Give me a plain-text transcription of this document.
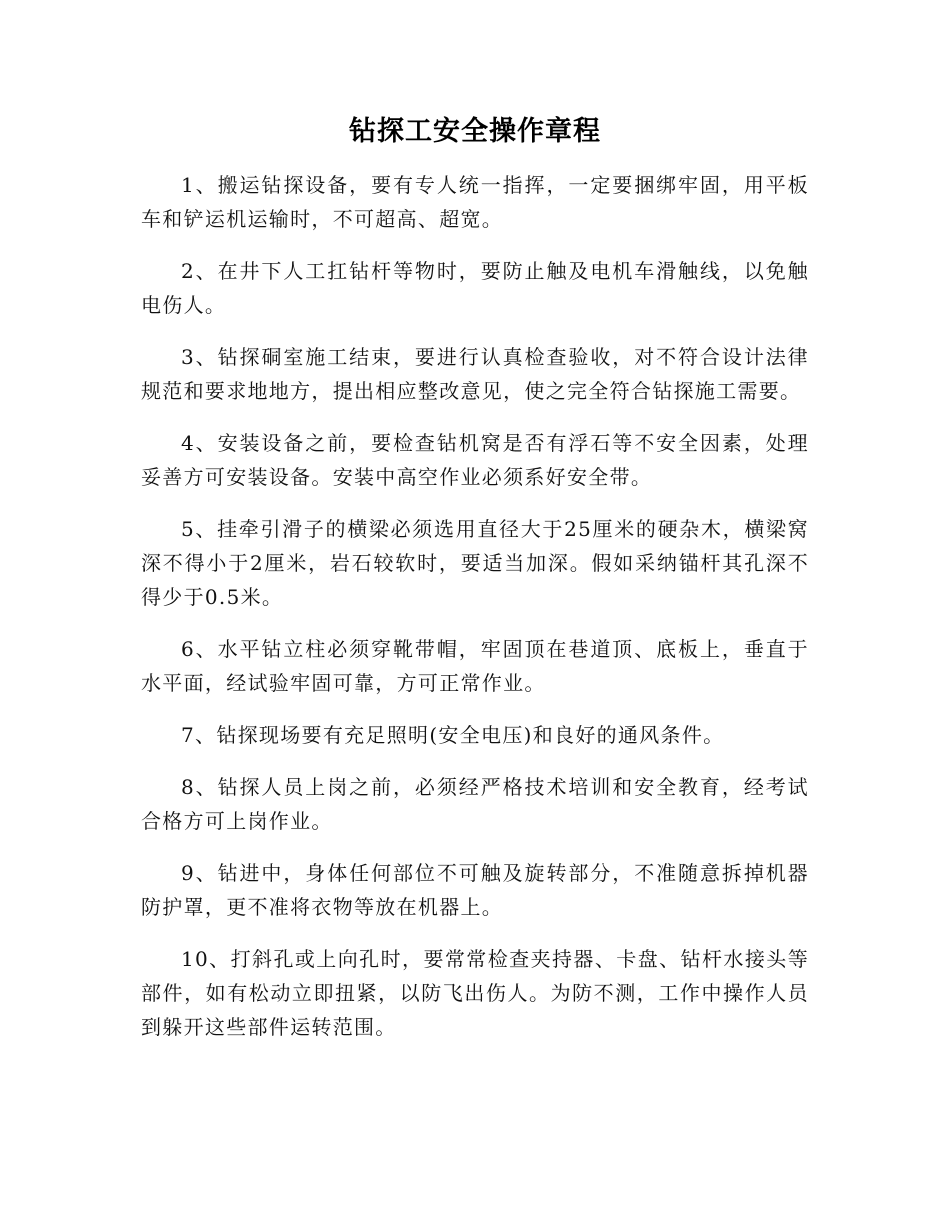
钻探工安全操作章程

1、搬运钻探设备，要有专人统一指挥，一定要捆绑牢固，用平板车和铲运机运输时，不可超高、超宽。

2、在井下人工扛钻杆等物时，要防止触及电机车滑触线，以免触电伤人。

3、钻探硐室施工结束，要进行认真检查验收，对不符合设计法律规范和要求地地方，提出相应整改意见，使之完全符合钻探施工需要。

4、安装设备之前，要检查钻机窝是否有浮石等不安全因素，处理妥善方可安装设备。安装中高空作业必须系好安全带。

5、挂牵引滑子的横梁必须选用直径大于25厘米的硬杂木，横梁窝深不得小于2厘米，岩石较软时，要适当加深。假如采纳锚杆其孔深不得少于0.5米。

6、水平钻立柱必须穿靴带帽，牢固顶在巷道顶、底板上，垂直于水平面，经试验牢固可靠，方可正常作业。

7、钻探现场要有充足照明(安全电压)和良好的通风条件。

8、钻探人员上岗之前，必须经严格技术培训和安全教育，经考试合格方可上岗作业。

9、钻进中，身体任何部位不可触及旋转部分，不准随意拆掉机器防护罩，更不准将衣物等放在机器上。

10、打斜孔或上向孔时，要常常检查夹持器、卡盘、钻杆水接头等部件，如有松动立即扭紧，以防飞出伤人。为防不测，工作中操作人员到躲开这些部件运转范围。
